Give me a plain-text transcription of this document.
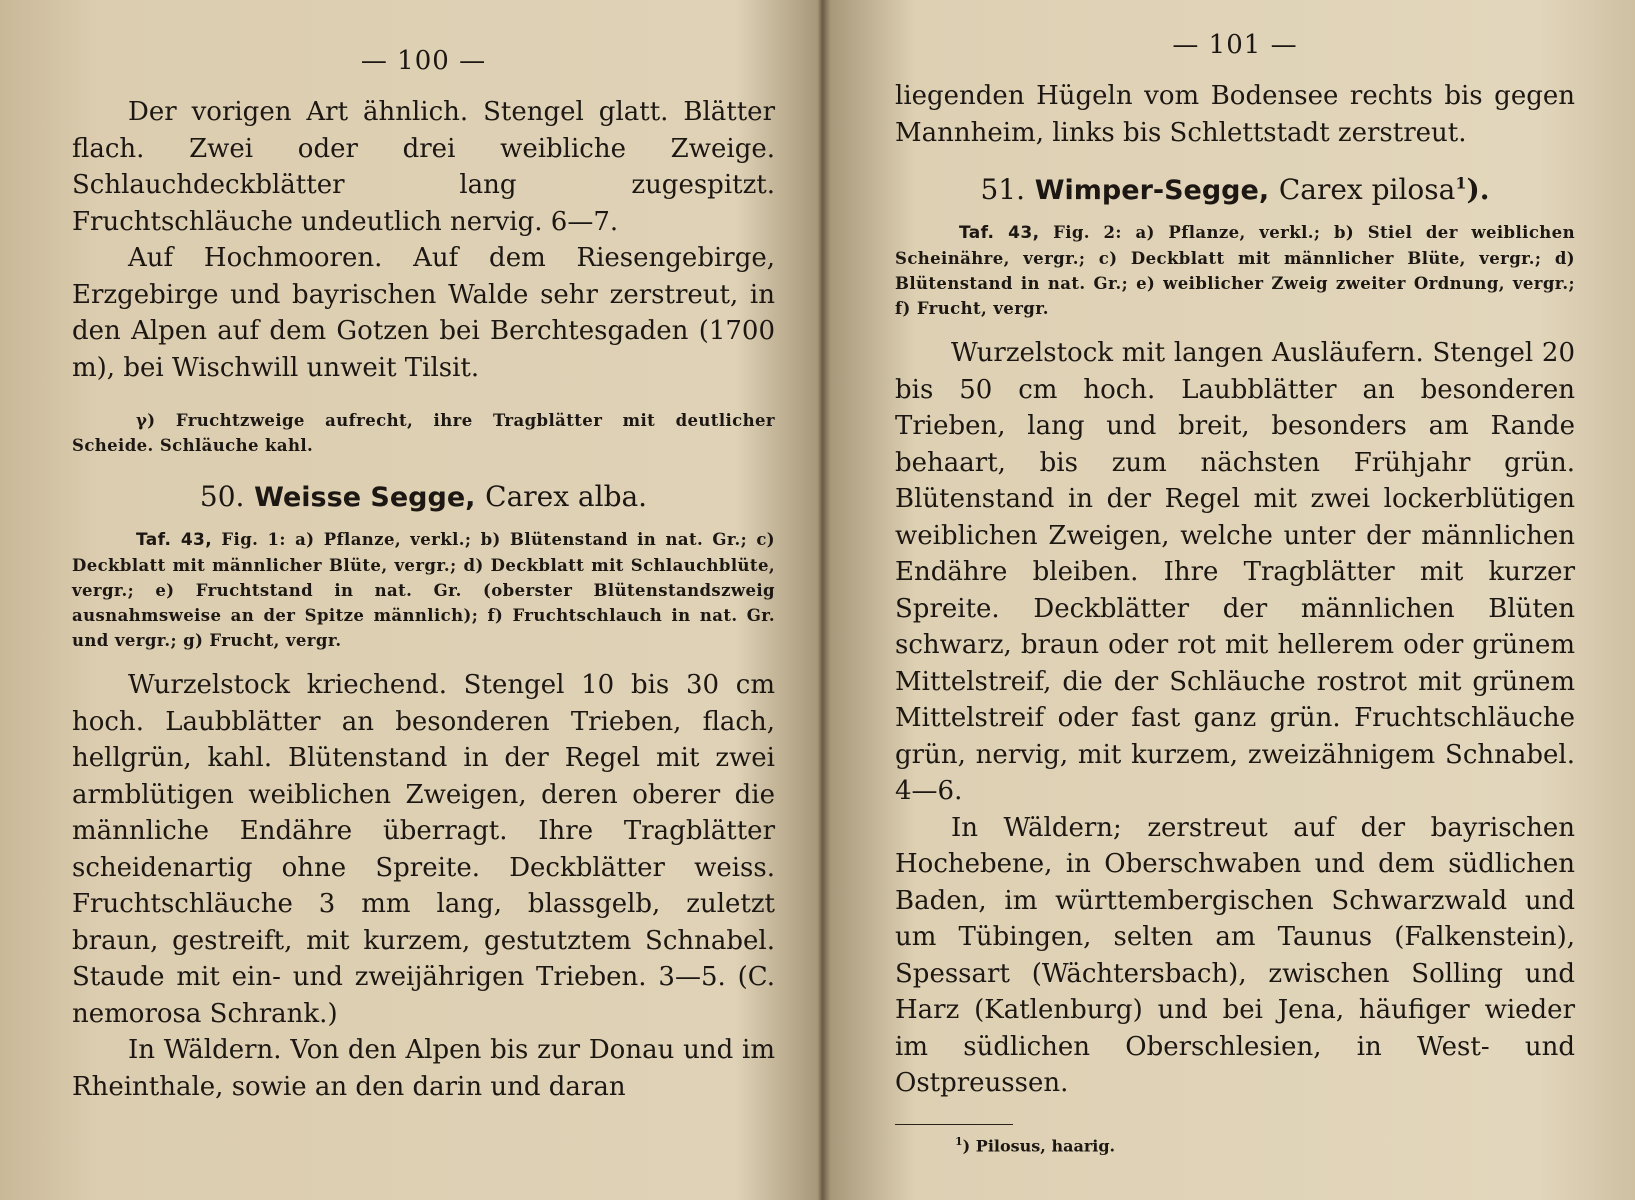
— 100 —

Der vorigen Art ähnlich. Stengel glatt. Blätter flach. Zwei oder drei weibliche Zweige. Schlauchdeckblätter lang zugespitzt. Fruchtschläuche undeutlich nervig. 6—7.

Auf Hochmooren. Auf dem Riesengebirge, Erzgebirge und bayrischen Walde sehr zerstreut, in den Alpen auf dem Gotzen bei Berchtesgaden (1700 m), bei Wischwill unweit Tilsit.

γ) Fruchtzweige aufrecht, ihre Tragblätter mit deutlicher Scheide. Schläuche kahl.

50. Weisse Segge, Carex alba.

Taf. 43, Fig. 1: a) Pflanze, verkl.; b) Blütenstand in nat. Gr.; c) Deckblatt mit männlicher Blüte, vergr.; d) Deckblatt mit Schlauchblüte, vergr.; e) Fruchtstand in nat. Gr. (oberster Blütenstandszweig ausnahmsweise an der Spitze männlich); f) Fruchtschlauch in nat. Gr. und vergr.; g) Frucht, vergr.

Wurzelstock kriechend. Stengel 10 bis 30 cm hoch. Laubblätter an besonderen Trieben, flach, hellgrün, kahl. Blütenstand in der Regel mit zwei armblütigen weiblichen Zweigen, deren oberer die männliche Endähre überragt. Ihre Tragblätter scheidenartig ohne Spreite. Deckblätter weiss. Fruchtschläuche 3 mm lang, blassgelb, zuletzt braun, gestreift, mit kurzem, gestutztem Schnabel. Staude mit ein- und zweijährigen Trieben. 3—5. (C. nemorosa Schrank.)

In Wäldern. Von den Alpen bis zur Donau und im Rheinthale, sowie an den darin und daran

— 101 —

liegenden Hügeln vom Bodensee rechts bis gegen Mannheim, links bis Schlettstadt zerstreut.

51. Wimper-Segge, Carex pilosa$^1$).

Taf. 43, Fig. 2: a) Pflanze, verkl.; b) Stiel der weiblichen Scheinähre, vergr.; c) Deckblatt mit männlicher Blüte, vergr.; d) Blütenstand in nat. Gr.; e) weiblicher Zweig zweiter Ordnung, vergr.; f) Frucht, vergr.

Wurzelstock mit langen Ausläufern. Stengel 20 bis 50 cm hoch. Laubblätter an besonderen Trieben, lang und breit, besonders am Rande behaart, bis zum nächsten Frühjahr grün. Blütenstand in der Regel mit zwei lockerblütigen weiblichen Zweigen, welche unter der männlichen Endähre bleiben. Ihre Tragblätter mit kurzer Spreite. Deckblätter der männlichen Blüten schwarz, braun oder rot mit hellerem oder grünem Mittelstreif, die der Schläuche rostrot mit grünem Mittelstreif oder fast ganz grün. Fruchtschläuche grün, nervig, mit kurzem, zweizähnigem Schnabel. 4—6.

In Wäldern; zerstreut auf der bayrischen Hochebene, in Oberschwaben und dem südlichen Baden, im württembergischen Schwarzwald und um Tübingen, selten am Taunus (Falkenstein), Spessart (Wächtersbach), zwischen Solling und Harz (Katlenburg) und bei Jena, häufiger wieder im südlichen Oberschlesien, in West- und Ostpreussen.

$^1$) Pilosus, haarig.
